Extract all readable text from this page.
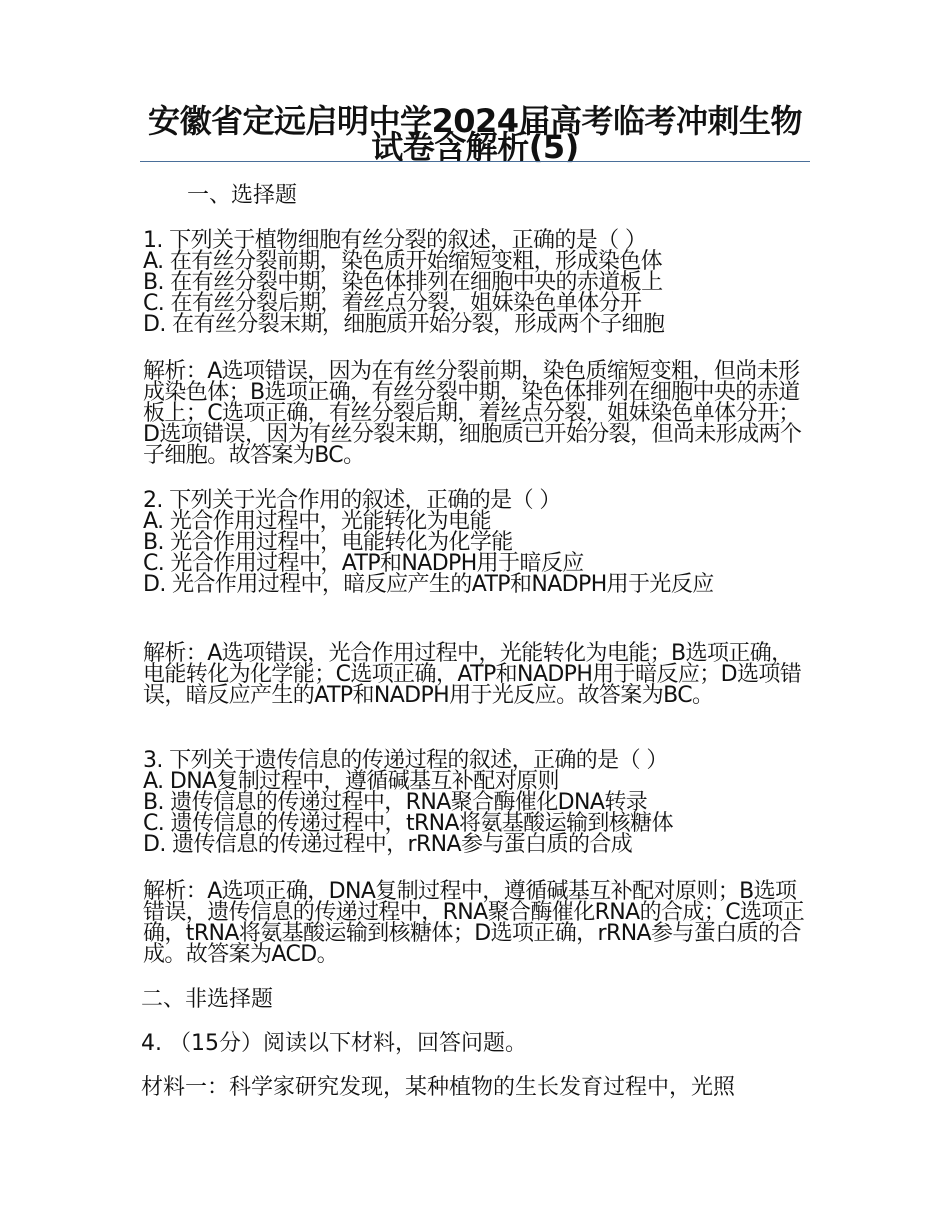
安徽省定远启明中学2024届高考临考冲刺生物试卷含解析(5)
一、选择题
1. 下列关于植物细胞有丝分裂的叙述，正确的是（ ）
A. 在有丝分裂前期，染色质开始缩短变粗，形成染色体
B. 在有丝分裂中期，染色体排列在细胞中央的赤道板上
C. 在有丝分裂后期，着丝点分裂，姐妹染色单体分开
D. 在有丝分裂末期，细胞质开始分裂，形成两个子细胞
解析：A选项错误，因为在有丝分裂前期，染色质缩短变粗，但尚未形成染色体；B选项正确，有丝分裂中期，染色体排列在细胞中央的赤道板上；C选项正确，有丝分裂后期，着丝点分裂，姐妹染色单体分开；D选项错误，因为有丝分裂末期，细胞质已开始分裂，但尚未形成两个子细胞。故答案为BC。
2. 下列关于光合作用的叙述，正确的是（ ）
A. 光合作用过程中，光能转化为电能
B. 光合作用过程中，电能转化为化学能
C. 光合作用过程中，ATP和NADPH用于暗反应
D. 光合作用过程中，暗反应产生的ATP和NADPH用于光反应
解析：A选项错误，光合作用过程中，光能转化为电能；B选项正确，电能转化为化学能；C选项正确，ATP和NADPH用于暗反应；D选项错误，暗反应产生的ATP和NADPH用于光反应。故答案为BC。
3. 下列关于遗传信息的传递过程的叙述，正确的是（ ）
A. DNA复制过程中，遵循碱基互补配对原则
B. 遗传信息的传递过程中，RNA聚合酶催化DNA转录
C. 遗传信息的传递过程中，tRNA将氨基酸运输到核糖体
D. 遗传信息的传递过程中，rRNA参与蛋白质的合成
解析：A选项正确，DNA复制过程中，遵循碱基互补配对原则；B选项错误，遗传信息的传递过程中，RNA聚合酶催化RNA的合成；C选项正确，tRNA将氨基酸运输到核糖体；D选项正确，rRNA参与蛋白质的合成。故答案为ACD。
二、非选择题
4. （15分）阅读以下材料，回答问题。
材料一：科学家研究发现，某种植物的生长发育过程中，光照
